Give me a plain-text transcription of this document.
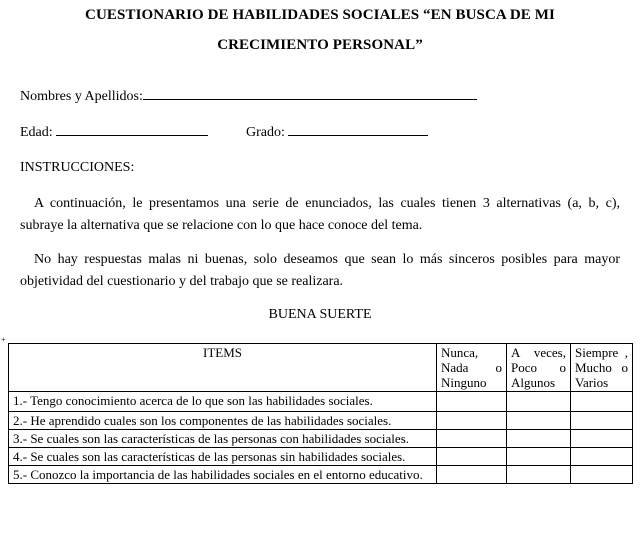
CUESTIONARIO DE HABILIDADES SOCIALES “EN BUSCA DE MI
CRECIMIENTO PERSONAL”
Nombres y Apellidos:
Edad:	Grado:
INSTRUCCIONES:
A continuación, le presentamos una serie de enunciados, las cuales tienen 3 alternativas (a, b, c), subraye la alternativa que se relacione con lo que hace conoce del tema.
No hay respuestas malas ni buenas, solo deseamos que sean lo más sinceros posibles para mayor objetividad del cuestionario y del trabajo que se realizara.
BUENA SUERTE
+
ITEMS	Nunca, Nada o Ninguno	A veces, Poco o Algunos	Siempre , Mucho o Varios
1.- Tengo conocimiento acerca de lo que son las habilidades sociales.			
2.- He aprendido cuales son los componentes de las habilidades sociales.			
3.- Se cuales son las características de las personas con habilidades sociales.			
4.- Se cuales son las características de las personas sin habilidades sociales.			
5.- Conozco la importancia de las habilidades sociales en el entorno educativo.			
